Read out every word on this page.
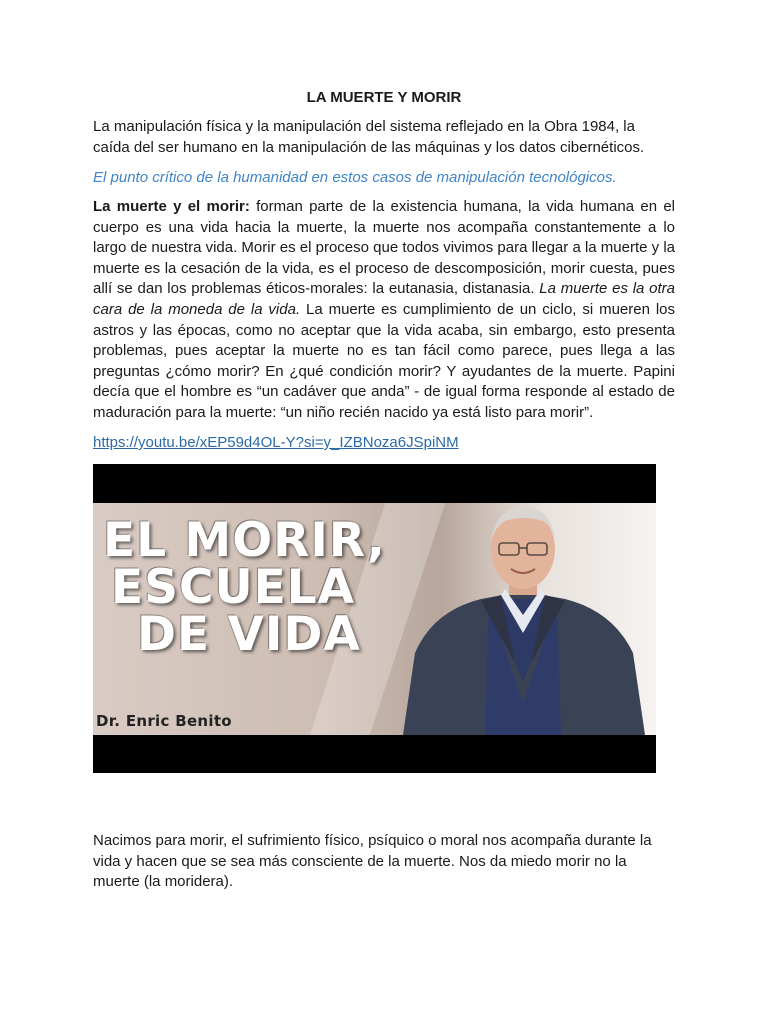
LA MUERTE Y MORIR

La manipulación física y la manipulación del sistema reflejado en la Obra 1984, la caída del ser humano en la manipulación de las máquinas y los datos cibernéticos.

El punto crítico de la humanidad en estos casos de manipulación tecnológicos.

La muerte y el morir: forman parte de la existencia humana, la vida humana en el cuerpo es una vida hacia la muerte, la muerte nos acompaña constantemente a lo largo de nuestra vida. Morir es el proceso que todos vivimos para llegar a la muerte y la muerte es la cesación de la vida, es el proceso de descomposición, morir cuesta, pues allí se dan los problemas éticos-morales: la eutanasia, distanasia. La muerte es la otra cara de la moneda de la vida. La muerte es cumplimiento de un ciclo, si mueren los astros y las épocas, como no aceptar que la vida acaba, sin embargo, esto presenta problemas, pues aceptar la muerte no es tan fácil como parece, pues llega a las preguntas ¿cómo morir? En ¿qué condición morir? Y ayudantes de la muerte. Papini decía que el hombre es “un cadáver que anda” - de igual forma responde al estado de maduración para la muerte: “un niño recién nacido ya está listo para morir”.

https://youtu.be/xEP59d4OL-Y?si=y_IZBNoza6JSpiNM
EL MORIR,
ESCUELA
DE VIDA
Dr. Enric Benito

Nacimos para morir, el sufrimiento físico, psíquico o moral nos acompaña durante la vida y hacen que se sea más consciente de la muerte. Nos da miedo morir no la muerte (la moridera).
